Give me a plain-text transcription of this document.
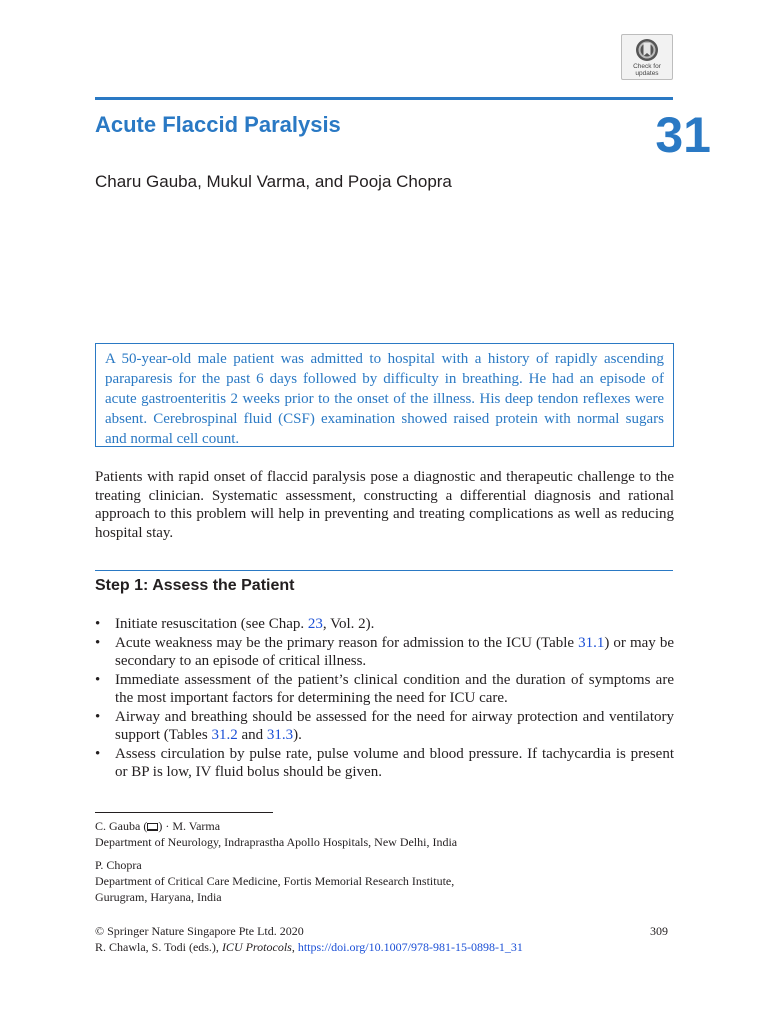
Check for
updates
Acute Flaccid Paralysis	31
Charu Gauba, Mukul Varma, and Pooja Chopra
A 50-year-old male patient was admitted to hospital with a history of rapidly ascending paraparesis for the past 6 days followed by difficulty in breathing. He had an episode of acute gastroenteritis 2 weeks prior to the onset of the illness. His deep tendon reflexes were absent. Cerebrospinal fluid (CSF) examination showed raised protein with normal sugars and normal cell count.

Patients with rapid onset of flaccid paralysis pose a diagnostic and therapeutic challenge to the treating clinician. Systematic assessment, constructing a differential diagnosis and rational approach to this problem will help in preventing and treating complications as well as reducing hospital stay.

Step 1: Assess the Patient
• Initiate resuscitation (see Chap. 23, Vol. 2).
• Acute weakness may be the primary reason for admission to the ICU (Table 31.1) or may be secondary to an episode of critical illness.
• Immediate assessment of the patient’s clinical condition and the duration of symptoms are the most important factors for determining the need for ICU care.
• Airway and breathing should be assessed for the need for airway protection and ventilatory support (Tables 31.2 and 31.3).
• Assess circulation by pulse rate, pulse volume and blood pressure. If tachycardia is present or BP is low, IV fluid bolus should be given.
C. Gauba ( ) · M. Varma
Department of Neurology, Indraprastha Apollo Hospitals, New Delhi, India
P. Chopra
Department of Critical Care Medicine, Fortis Memorial Research Institute,
Gurugram, Haryana, India
© Springer Nature Singapore Pte Ltd. 2020
R. Chawla, S. Todi (eds.), ICU Protocols, https://doi.org/10.1007/978-981-15-0898-1_31
309
